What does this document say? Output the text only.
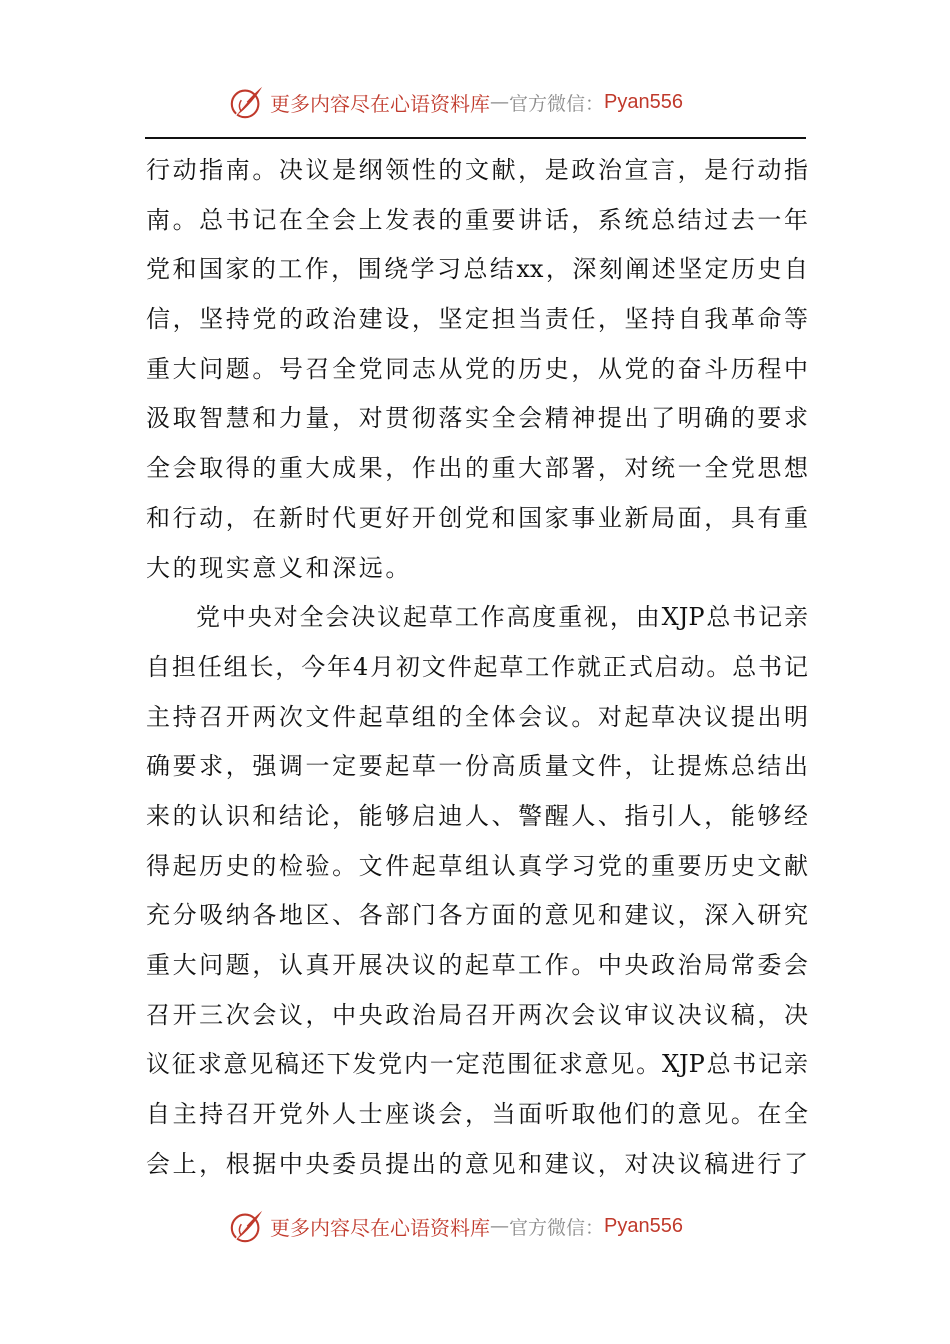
更多内容尽在心语资料库 — 官方微信： Pyan556
行动指南。决议是纲领性的文献，是政治宣言，是行动指
南。总书记在全会上发表的重要讲话，系统总结过去一年
党和国家的工作，围绕学习总结xx，深刻阐述坚定历史自
信，坚持党的政治建设，坚定担当责任，坚持自我革命等
重大问题。号召全党同志从党的历史，从党的奋斗历程中
汲取智慧和力量，对贯彻落实全会精神提出了明确的要求
全会取得的重大成果，作出的重大部署，对统一全党思想
和行动，在新时代更好开创党和国家事业新局面，具有重
大的现实意义和深远。
党中央对全会决议起草工作高度重视，由XJP总书记亲
自担任组长，今年4月初文件起草工作就正式启动。总书记
主持召开两次文件起草组的全体会议。对起草决议提出明
确要求，强调一定要起草一份高质量文件，让提炼总结出
来的认识和结论，能够启迪人、警醒人、指引人，能够经
得起历史的检验。文件起草组认真学习党的重要历史文献
充分吸纳各地区、各部门各方面的意见和建议，深入研究
重大问题，认真开展决议的起草工作。中央政治局常委会
召开三次会议，中央政治局召开两次会议审议决议稿，决
议征求意见稿还下发党内一定范围征求意见。XJP总书记亲
自主持召开党外人士座谈会，当面听取他们的意见。在全
会上，根据中央委员提出的意见和建议，对决议稿进行了
更多内容尽在心语资料库 — 官方微信： Pyan556
